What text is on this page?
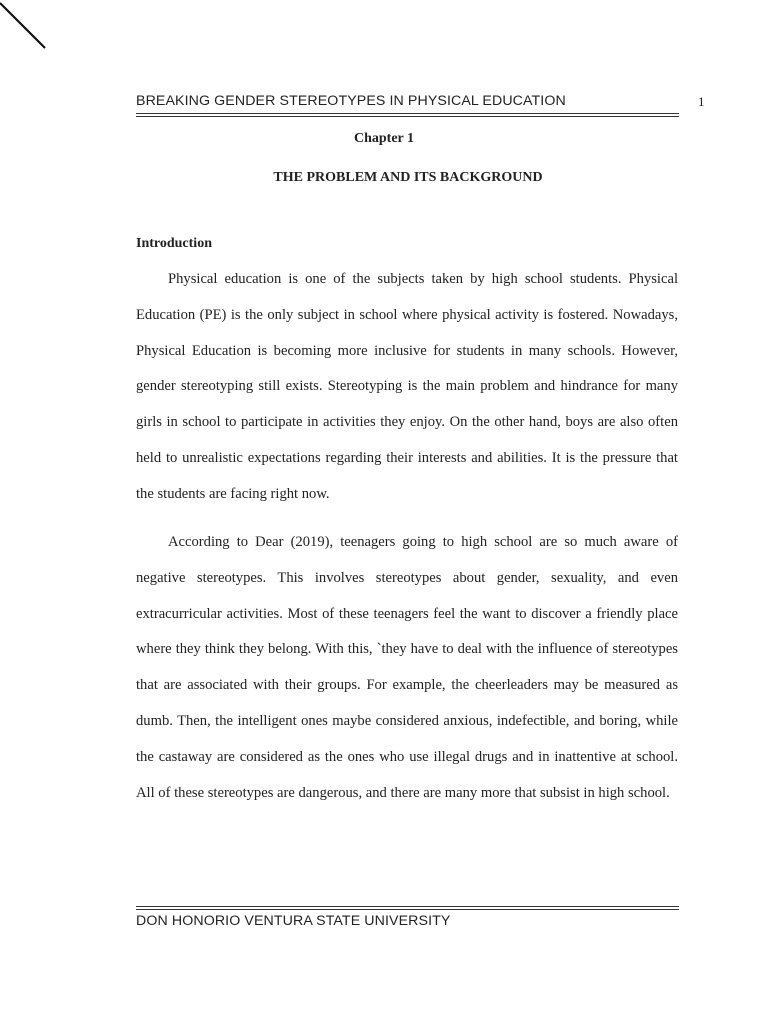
BREAKING GENDER STEREOTYPES IN PHYSICAL EDUCATION	1
Chapter 1
THE PROBLEM AND ITS BACKGROUND
Introduction

Physical education is one of the subjects taken by high school students. Physical Education (PE) is the only subject in school where physical activity is fostered. Nowadays, Physical Education is becoming more inclusive for students in many schools. However, gender stereotyping still exists. Stereotyping is the main problem and hindrance for many girls in school to participate in activities they enjoy. On the other hand, boys are also often held to unrealistic expectations regarding their interests and abilities. It is the pressure that the students are facing right now.

According to Dear (2019), teenagers going to high school are so much aware of negative stereotypes. This involves stereotypes about gender, sexuality, and even extracurricular activities. Most of these teenagers feel the want to discover a friendly place where they think they belong. With this, `they have to deal with the influence of stereotypes that are associated with their groups. For example, the cheerleaders may be measured as dumb. Then, the intelligent ones maybe considered anxious, indefectible, and boring, while the castaway are considered as the ones who use illegal drugs and in inattentive at school. All of these stereotypes are dangerous, and there are many more that subsist in high school.

DON HONORIO VENTURA STATE UNIVERSITY
